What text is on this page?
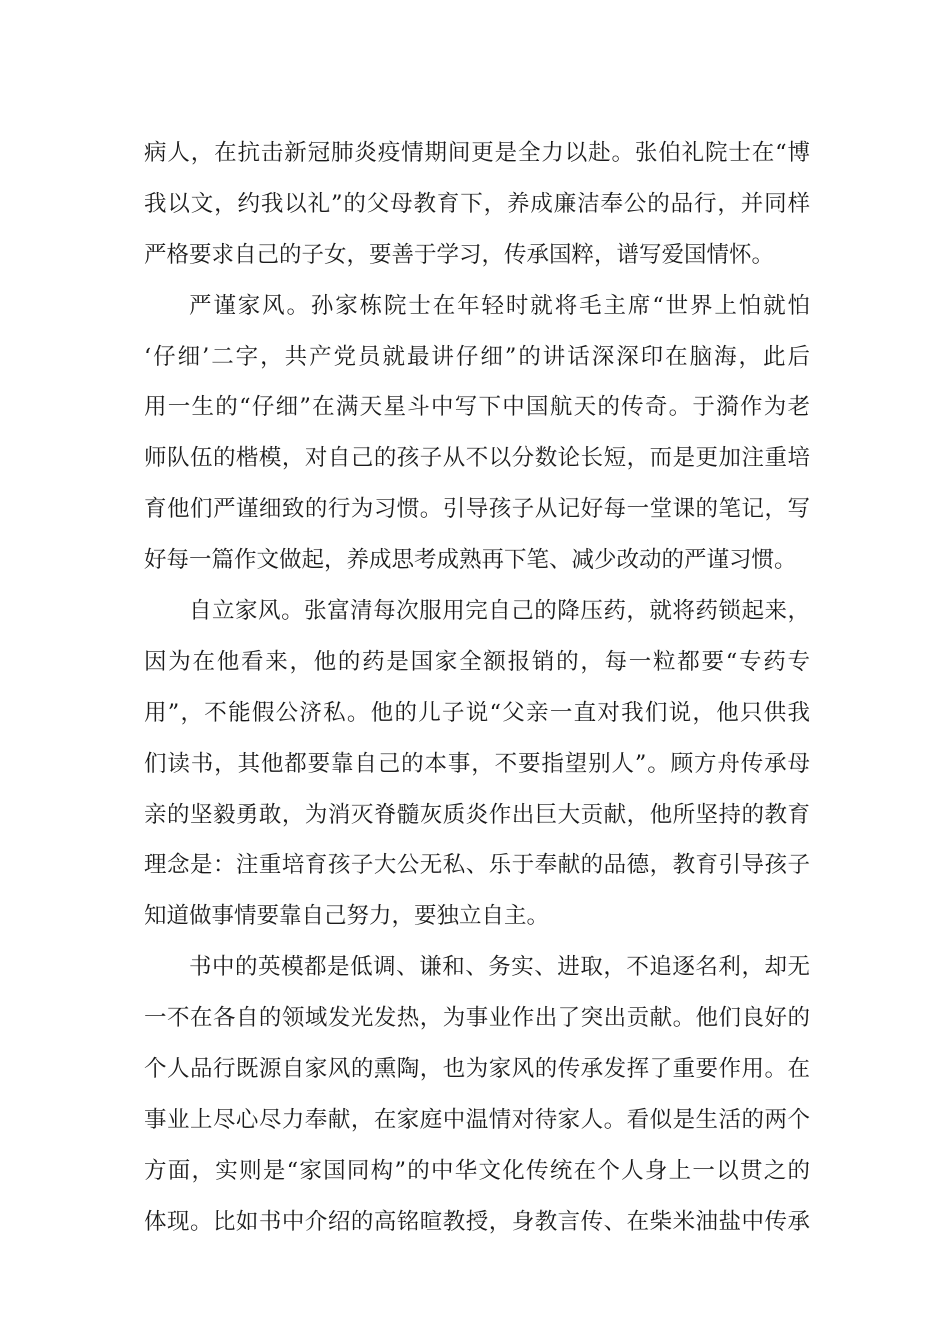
病人，在抗击新冠肺炎疫情期间更是全力以赴。张伯礼院士在“博
我以文，约我以礼”的父母教育下，养成廉洁奉公的品行，并同样
严格要求自己的子女，要善于学习，传承国粹，谱写爱国情怀。
严谨家风。孙家栋院士在年轻时就将毛主席“世界上怕就怕
‘仔细’二字，共产党员就最讲仔细”的讲话深深印在脑海，此后
用一生的“仔细”在满天星斗中写下中国航天的传奇。于漪作为老
师队伍的楷模，对自己的孩子从不以分数论长短，而是更加注重培
育他们严谨细致的行为习惯。引导孩子从记好每一堂课的笔记，写
好每一篇作文做起，养成思考成熟再下笔、减少改动的严谨习惯。
自立家风。张富清每次服用完自己的降压药，就将药锁起来，
因为在他看来，他的药是国家全额报销的，每一粒都要“专药专
用”，不能假公济私。他的儿子说“父亲一直对我们说，他只供我
们读书，其他都要靠自己的本事，不要指望别人”。顾方舟传承母
亲的坚毅勇敢，为消灭脊髓灰质炎作出巨大贡献，他所坚持的教育
理念是：注重培育孩子大公无私、乐于奉献的品德，教育引导孩子
知道做事情要靠自己努力，要独立自主。
书中的英模都是低调、谦和、务实、进取，不追逐名利，却无
一不在各自的领域发光发热，为事业作出了突出贡献。他们良好的
个人品行既源自家风的熏陶，也为家风的传承发挥了重要作用。在
事业上尽心尽力奉献，在家庭中温情对待家人。看似是生活的两个
方面，实则是“家国同构”的中华文化传统在个人身上一以贯之的
体现。比如书中介绍的高铭暄教授，身教言传、在柴米油盐中传承
